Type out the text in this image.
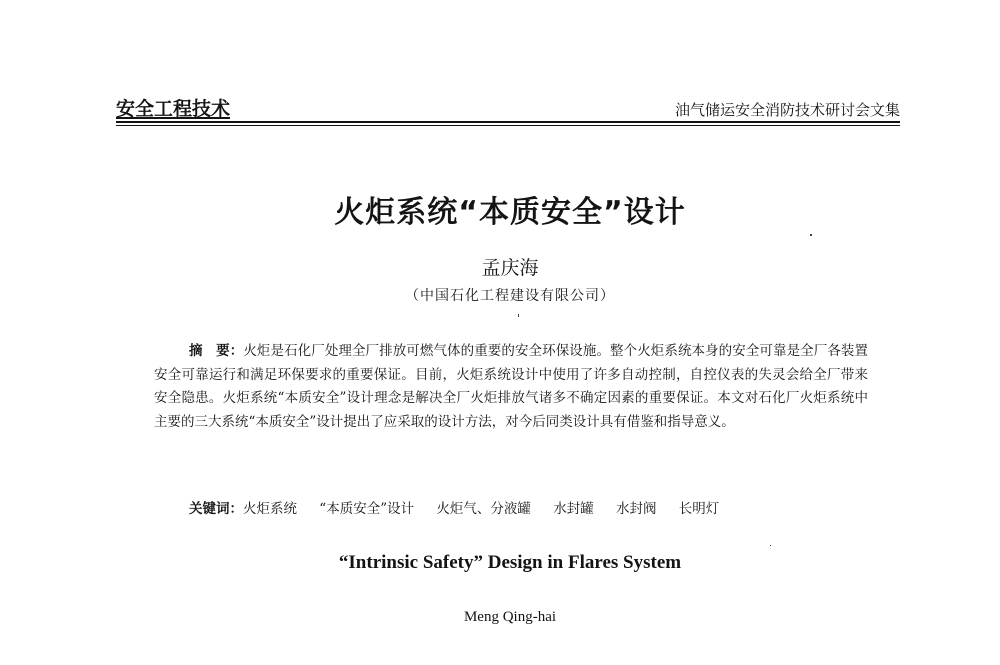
安全工程技术	油气储运安全消防技术研讨会文集
火炬系统“本质安全”设计
孟庆海
（中国石化工程建设有限公司）

摘　要：火炬是石化厂处理全厂排放可燃气体的重要的安全环保设施。整个火炬系统本身的安全可靠是全厂各装置安全可靠运行和满足环保要求的重要保证。目前，火炬系统设计中使用了许多自动控制，自控仪表的失灵会给全厂带来安全隐患。火炬系统“本质安全”设计理念是解决全厂火炬排放气诸多不确定因素的重要保证。本文对石化厂火炬系统中主要的三大系统“本质安全”设计提出了应采取的设计方法，对今后同类设计具有借鉴和指导意义。

关键词：火炬系统 “本质安全”设计 火炬气、分液罐 水封罐 水封阀 长明灯
“Intrinsic Safety” Design in Flares System
Meng Qing-hai
